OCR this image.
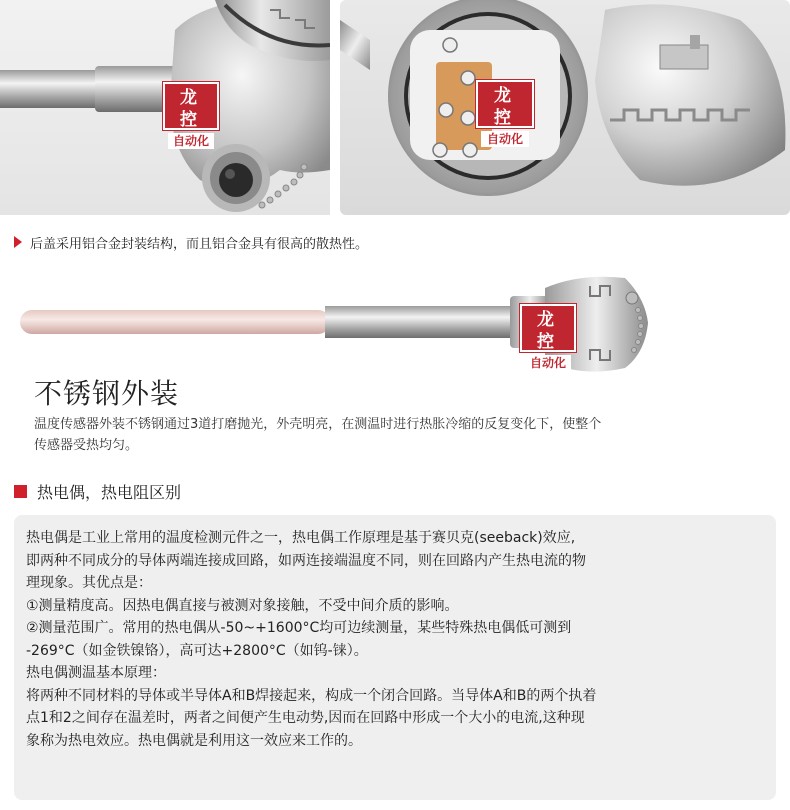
龙 控
自动化
龙 控
自动化
后盖采用铝合金封装结构，而且铝合金具有很高的散热性。
龙 控
自动化
不锈钢外装
温度传感器外装不锈钢通过3道打磨抛光，外壳明亮，在测温时进行热胀冷缩的反复变化下，使整个
传感器受热均匀。
热电偶，热电阻区别

热电偶是工业上常用的温度检测元件之一，热电偶工作原理是基于赛贝克(seeback)效应,

即两种不同成分的导体两端连接成回路，如两连接端温度不同，则在回路内产生热电流的物

理现象。其优点是：

①测量精度高。因热电偶直接与被测对象接触，不受中间介质的影响。

②测量范围广。常用的热电偶从-50~+1600°C均可边续测量，某些特殊热电偶低可测到

-269°C（如金铁镍铬），高可达+2800°C（如钨-铼）。

热电偶测温基本原理：

将两种不同材料的导体或半导体A和B焊接起来，构成一个闭合回路。当导体A和B的两个执着

点1和2之间存在温差时，两者之间便产生电动势,因而在回路中形成一个大小的电流,这种现

象称为热电效应。热电偶就是利用这一效应来工作的。
